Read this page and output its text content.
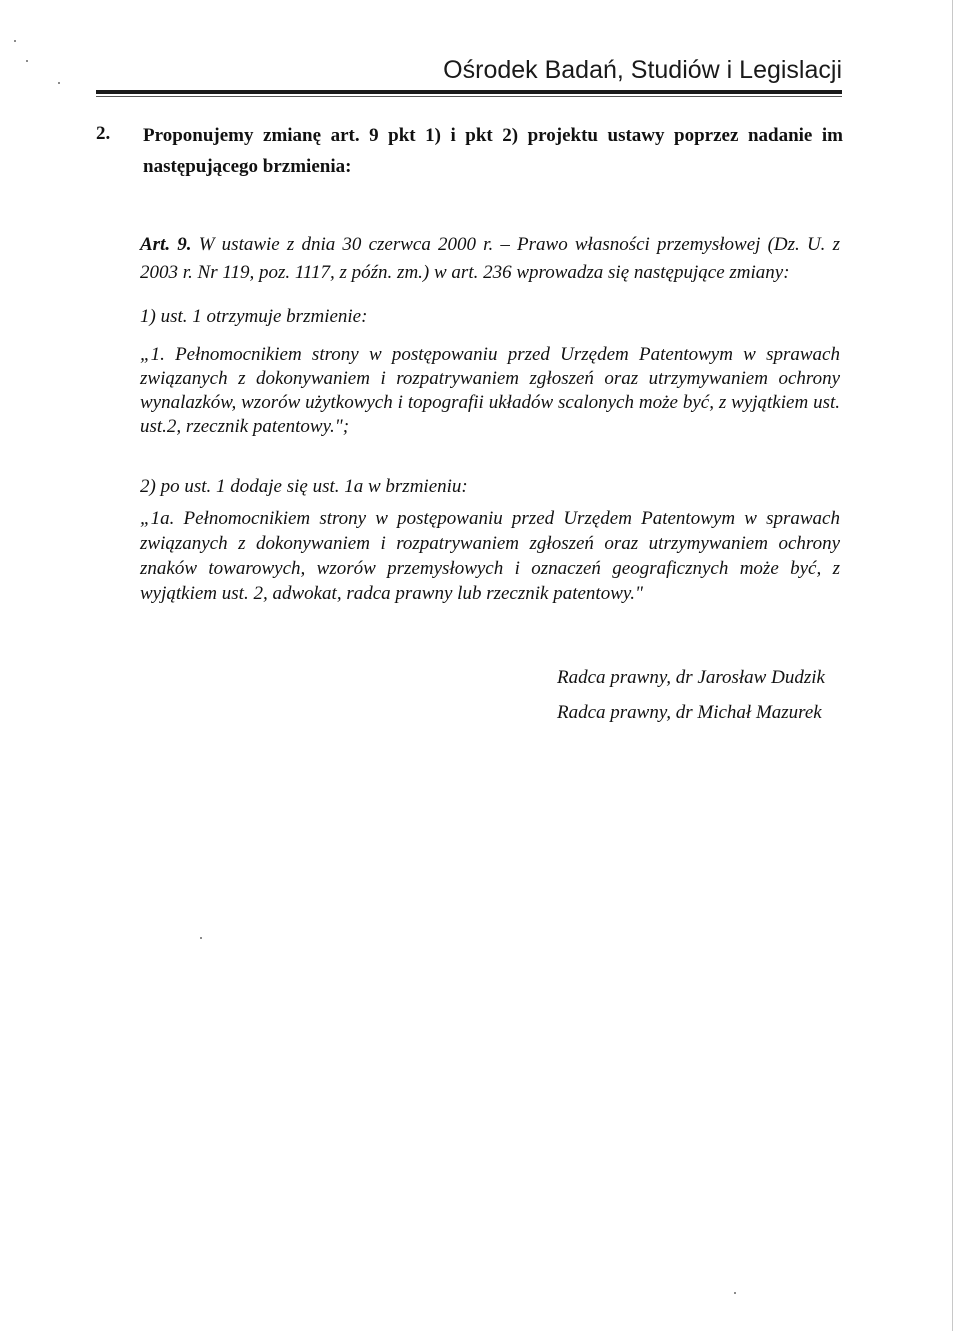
Ośrodek Badań, Studiów i Legislacji
2. Proponujemy zmianę art. 9 pkt 1) i pkt 2) projektu ustawy poprzez nadanie im następującego brzmienia:
Art. 9. W ustawie z dnia 30 czerwca 2000 r. – Prawo własności przemysłowej (Dz. U. z 2003 r. Nr 119, poz. 1117, z późn. zm.) w art. 236 wprowadza się następujące zmiany:
1) ust. 1 otrzymuje brzmienie:
„1. Pełnomocnikiem strony w postępowaniu przed Urzędem Patentowym w sprawach związanych z dokonywaniem i rozpatrywaniem zgłoszeń oraz utrzymywaniem ochrony wynalazków, wzorów użytkowych i topografii układów scalonych może być, z wyjątkiem ust. ust.2, rzecznik patentowy.";
2) po ust. 1 dodaje się ust. 1a w brzmieniu:
„1a. Pełnomocnikiem strony w postępowaniu przed Urzędem Patentowym w sprawach związanych z dokonywaniem i rozpatrywaniem zgłoszeń oraz utrzymywaniem ochrony znaków towarowych, wzorów przemysłowych i oznaczeń geograficznych może być, z wyjątkiem ust. 2, adwokat, radca prawny lub rzecznik patentowy."
Radca prawny, dr Jarosław Dudzik
Radca prawny, dr Michał Mazurek
